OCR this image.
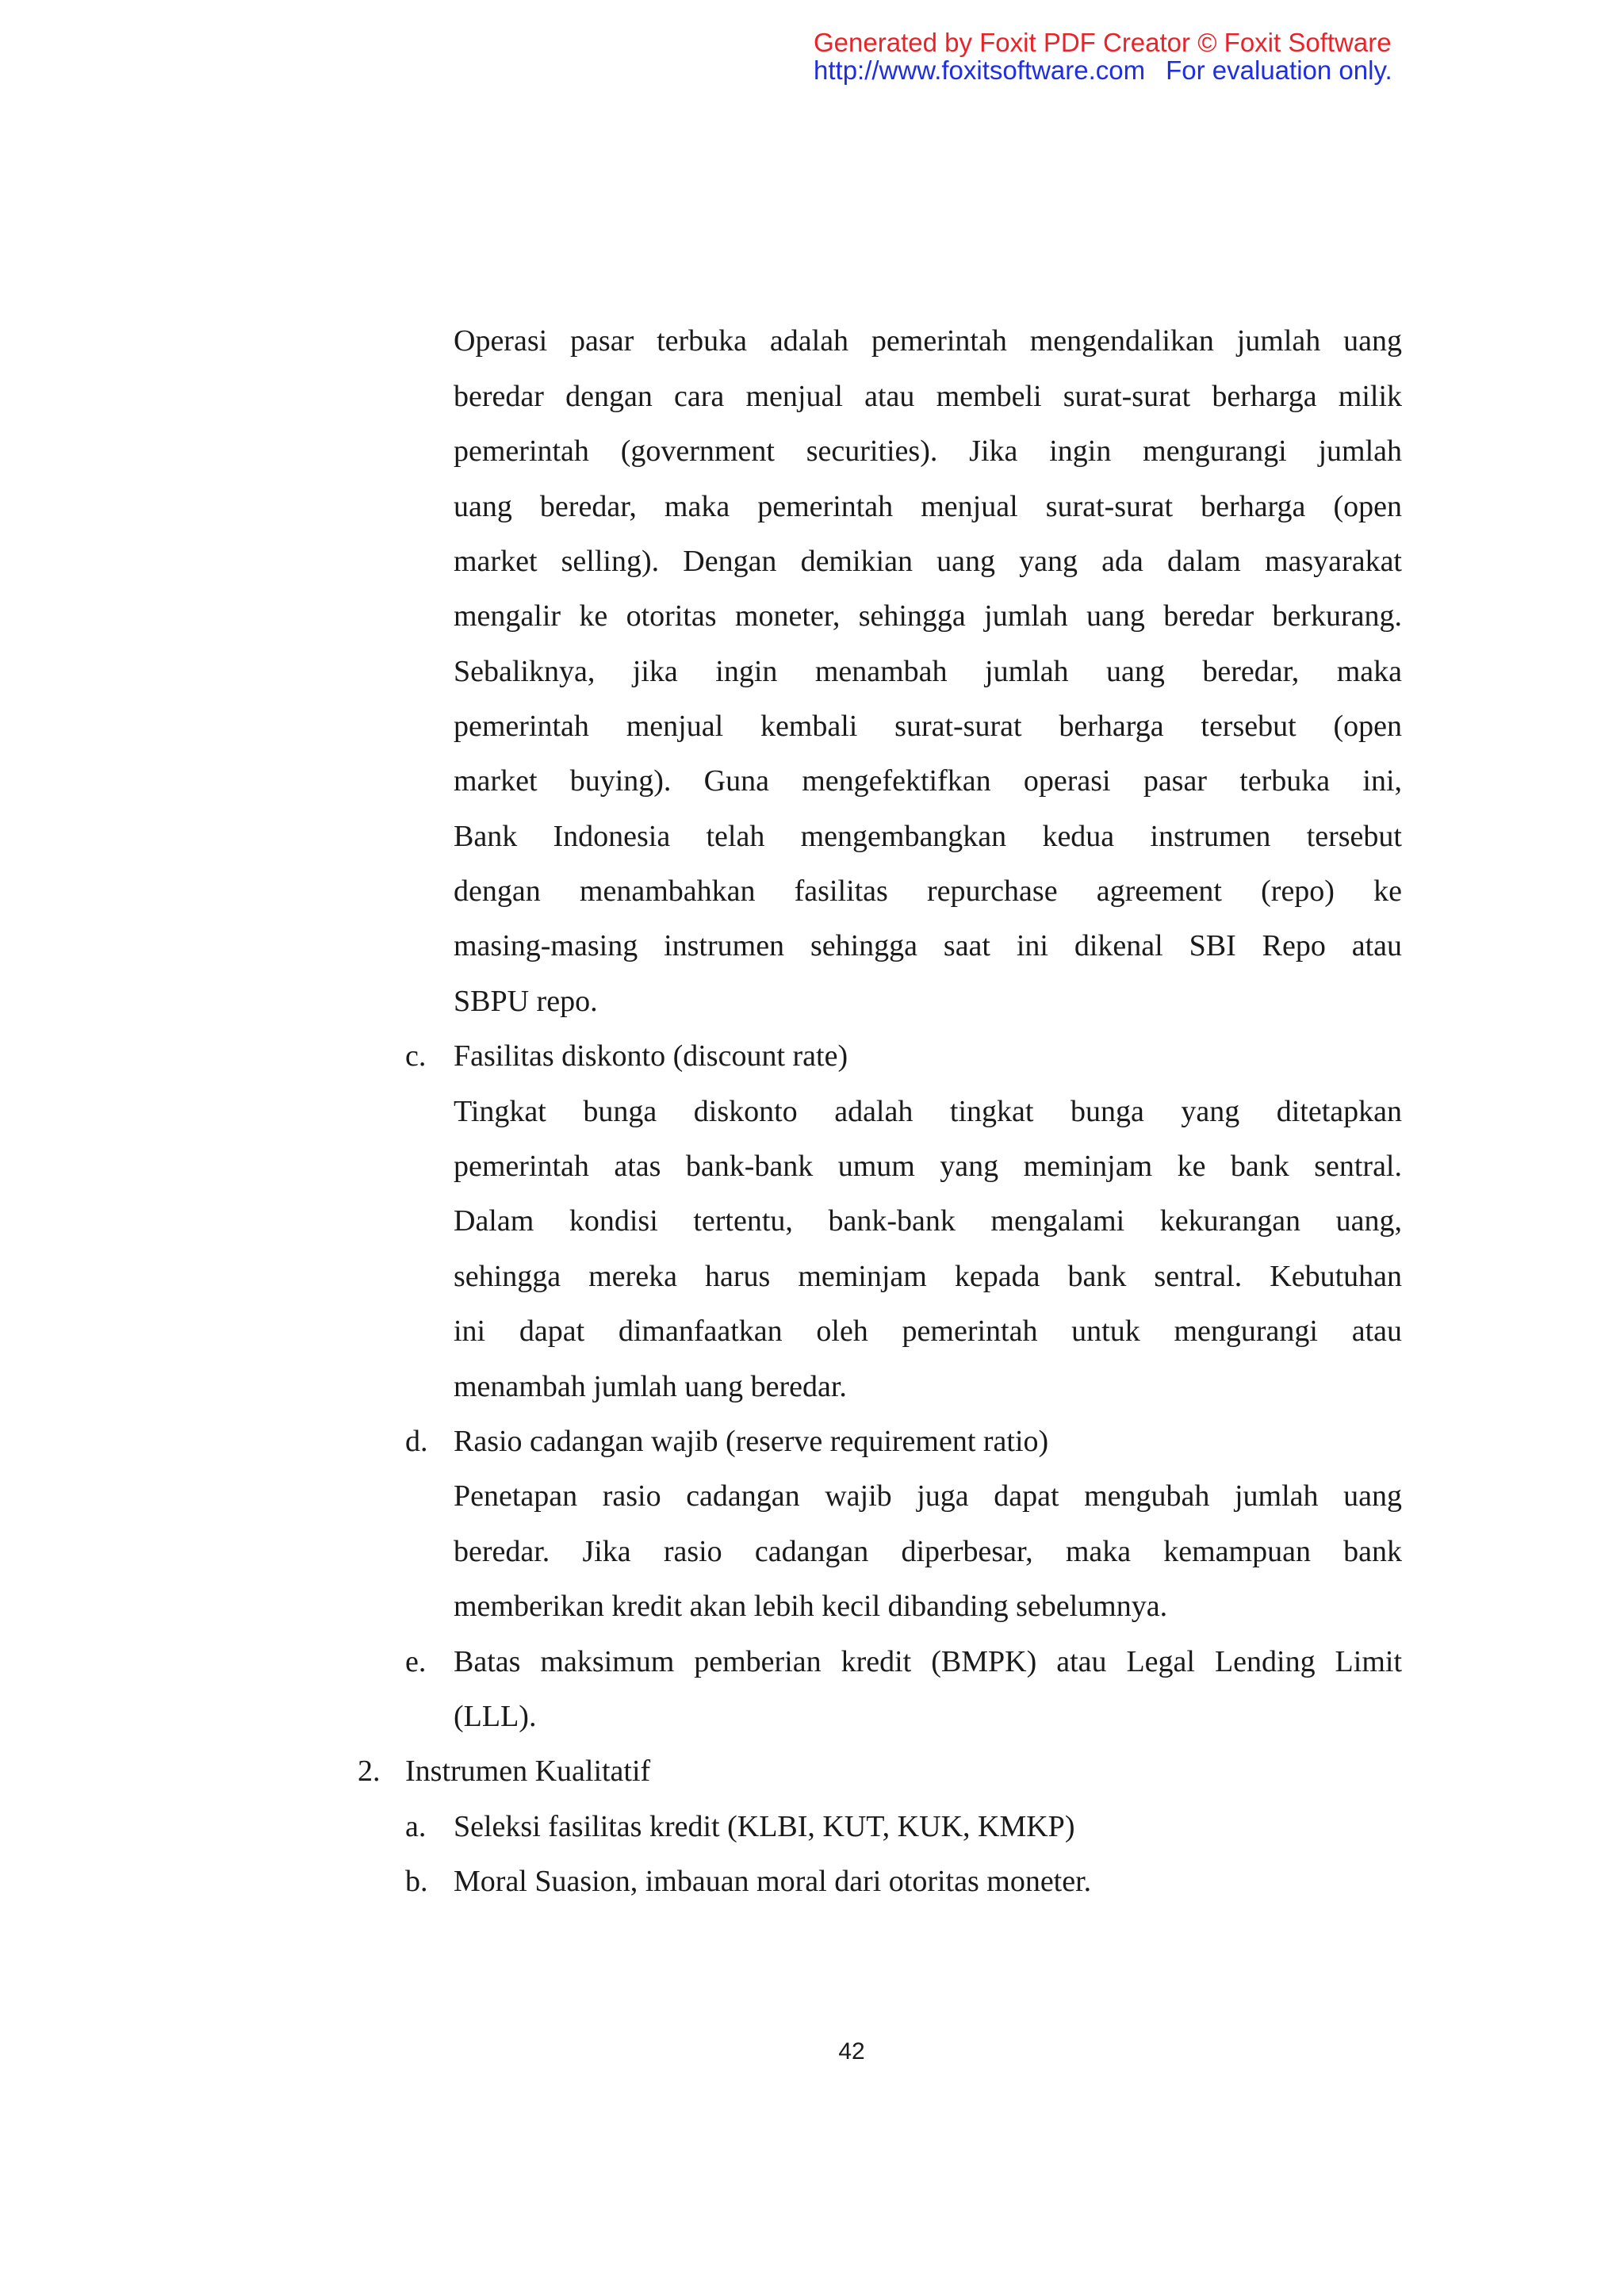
Generated by Foxit PDF Creator © Foxit Software
http://www.foxitsoftware.com For evaluation only.
Operasi pasar terbuka adalah pemerintah mengendalikan jumlah uang
beredar dengan cara menjual atau membeli surat-surat berharga milik
pemerintah (government securities). Jika ingin mengurangi jumlah
uang beredar, maka pemerintah menjual surat-surat berharga (open
market selling). Dengan demikian uang yang ada dalam masyarakat
mengalir ke otoritas moneter, sehingga jumlah uang beredar berkurang.
Sebaliknya, jika ingin menambah jumlah uang beredar, maka
pemerintah menjual kembali surat-surat berharga tersebut (open
market buying). Guna mengefektifkan operasi pasar terbuka ini,
Bank Indonesia telah mengembangkan kedua instrumen tersebut
dengan menambahkan fasilitas repurchase agreement (repo) ke
masing-masing instrumen sehingga saat ini dikenal SBI Repo atau
SBPU repo.
c. Fasilitas diskonto (discount rate)
Tingkat bunga diskonto adalah tingkat bunga yang ditetapkan
pemerintah atas bank-bank umum yang meminjam ke bank sentral.
Dalam kondisi tertentu, bank-bank mengalami kekurangan uang,
sehingga mereka harus meminjam kepada bank sentral. Kebutuhan
ini dapat dimanfaatkan oleh pemerintah untuk mengurangi atau
menambah jumlah uang beredar.
d. Rasio cadangan wajib (reserve requirement ratio)
Penetapan rasio cadangan wajib juga dapat mengubah jumlah uang
beredar. Jika rasio cadangan diperbesar, maka kemampuan bank
memberikan kredit akan lebih kecil dibanding sebelumnya.
e. Batas maksimum pemberian kredit (BMPK) atau Legal Lending Limit
(LLL).
2. Instrumen Kualitatif
a. Seleksi fasilitas kredit (KLBI, KUT, KUK, KMKP)
b. Moral Suasion, imbauan moral dari otoritas moneter.
42
